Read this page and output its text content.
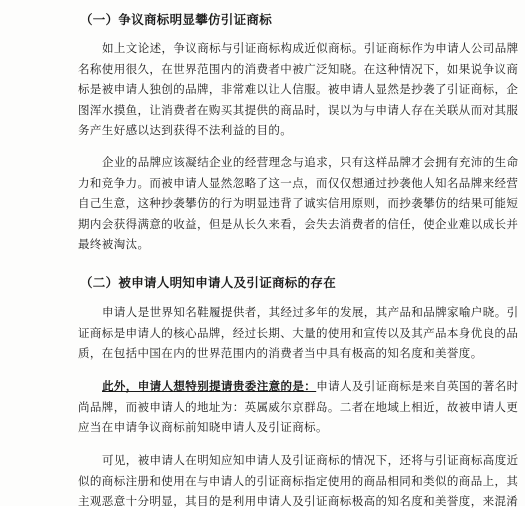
（一）争议商标明显攀仿引证商标
如上文论述，争议商标与引证商标构成近似商标。引证商标作为申请人公司品牌
名称使用很久，在世界范围内的消费者中被广泛知晓。在这种情况下，如果说争议商
标是被申请人独创的品牌，非常难以让人信服。被申请人显然是抄袭了引证商标，企
图浑水摸鱼，让消费者在购买其提供的商品时，误以为与申请人存在关联从而对其服
务产生好感以达到获得不法利益的目的。
企业的品牌应该凝结企业的经营理念与追求，只有这样品牌才会拥有充沛的生命
力和竞争力。而被申请人显然忽略了这一点，而仅仅想通过抄袭他人知名品牌来经营
自己生意，这种抄袭攀仿的行为明显违背了诚实信用原则，而抄袭攀仿的结果可能短
期内会获得满意的收益，但是从长久来看，会失去消费者的信任，使企业难以成长并
最终被淘汰。
（二）被申请人明知申请人及引证商标的存在
申请人是世界知名鞋履提供者，其经过多年的发展，其产品和品牌家喻户晓。引
证商标是申请人的核心品牌，经过长期、大量的使用和宣传以及其产品本身优良的品
质，在包括中国在内的世界范围内的消费者当中具有极高的知名度和美誉度。
此外，申请人想特别提请贵委注意的是：申请人及引证商标是来自英国的著名时
尚品牌，而被申请人的地址为：英属威尔京群岛。二者在地域上相近，故被申请人更
应当在申请争议商标前知晓申请人及引证商标。
可见，被申请人在明知应知申请人及引证商标的情况下，还将与引证商标高度近
似的商标注册和使用在与申请人的引证商标指定使用的商品相同和类似的商品上，其
主观恶意十分明显，其目的是利用申请人及引证商标极高的知名度和美誉度，来混淆
